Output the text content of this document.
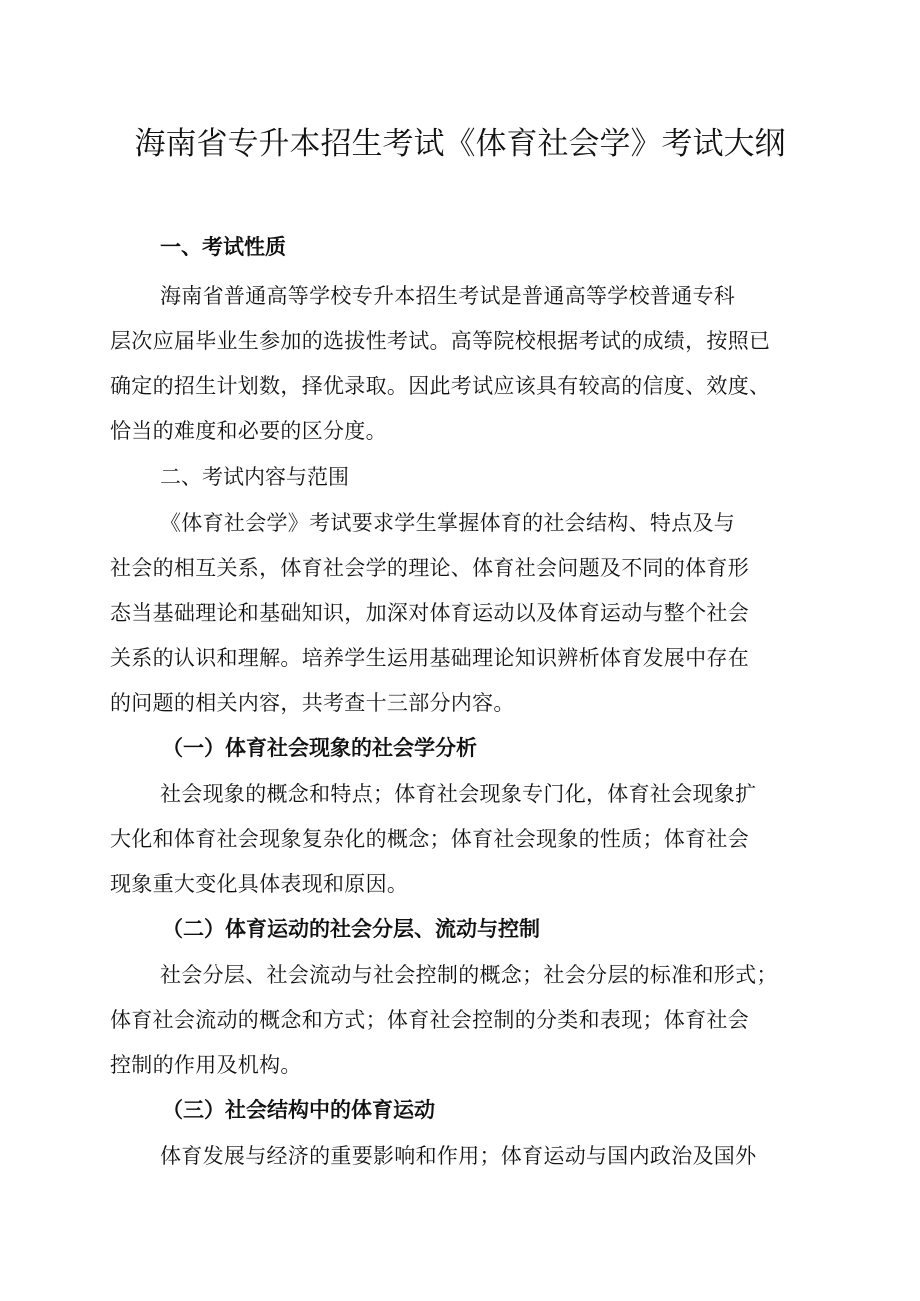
海南省专升本招生考试《体育社会学》考试大纲
一、考试性质
海南省普通高等学校专升本招生考试是普通高等学校普通专科
层次应届毕业生参加的选拔性考试。高等院校根据考试的成绩，按照已
确定的招生计划数，择优录取。因此考试应该具有较高的信度、效度、
恰当的难度和必要的区分度。
二、考试内容与范围
《体育社会学》考试要求学生掌握体育的社会结构、特点及与
社会的相互关系，体育社会学的理论、体育社会问题及不同的体育形
态当基础理论和基础知识，加深对体育运动以及体育运动与整个社会
关系的认识和理解。培养学生运用基础理论知识辨析体育发展中存在
的问题的相关内容，共考查十三部分内容。
（一）体育社会现象的社会学分析
社会现象的概念和特点；体育社会现象专门化，体育社会现象扩
大化和体育社会现象复杂化的概念；体育社会现象的性质；体育社会
现象重大变化具体表现和原因。
（二）体育运动的社会分层、流动与控制
社会分层、社会流动与社会控制的概念；社会分层的标准和形式；
体育社会流动的概念和方式；体育社会控制的分类和表现；体育社会
控制的作用及机构。
（三）社会结构中的体育运动
体育发展与经济的重要影响和作用；体育运动与国内政治及国外
